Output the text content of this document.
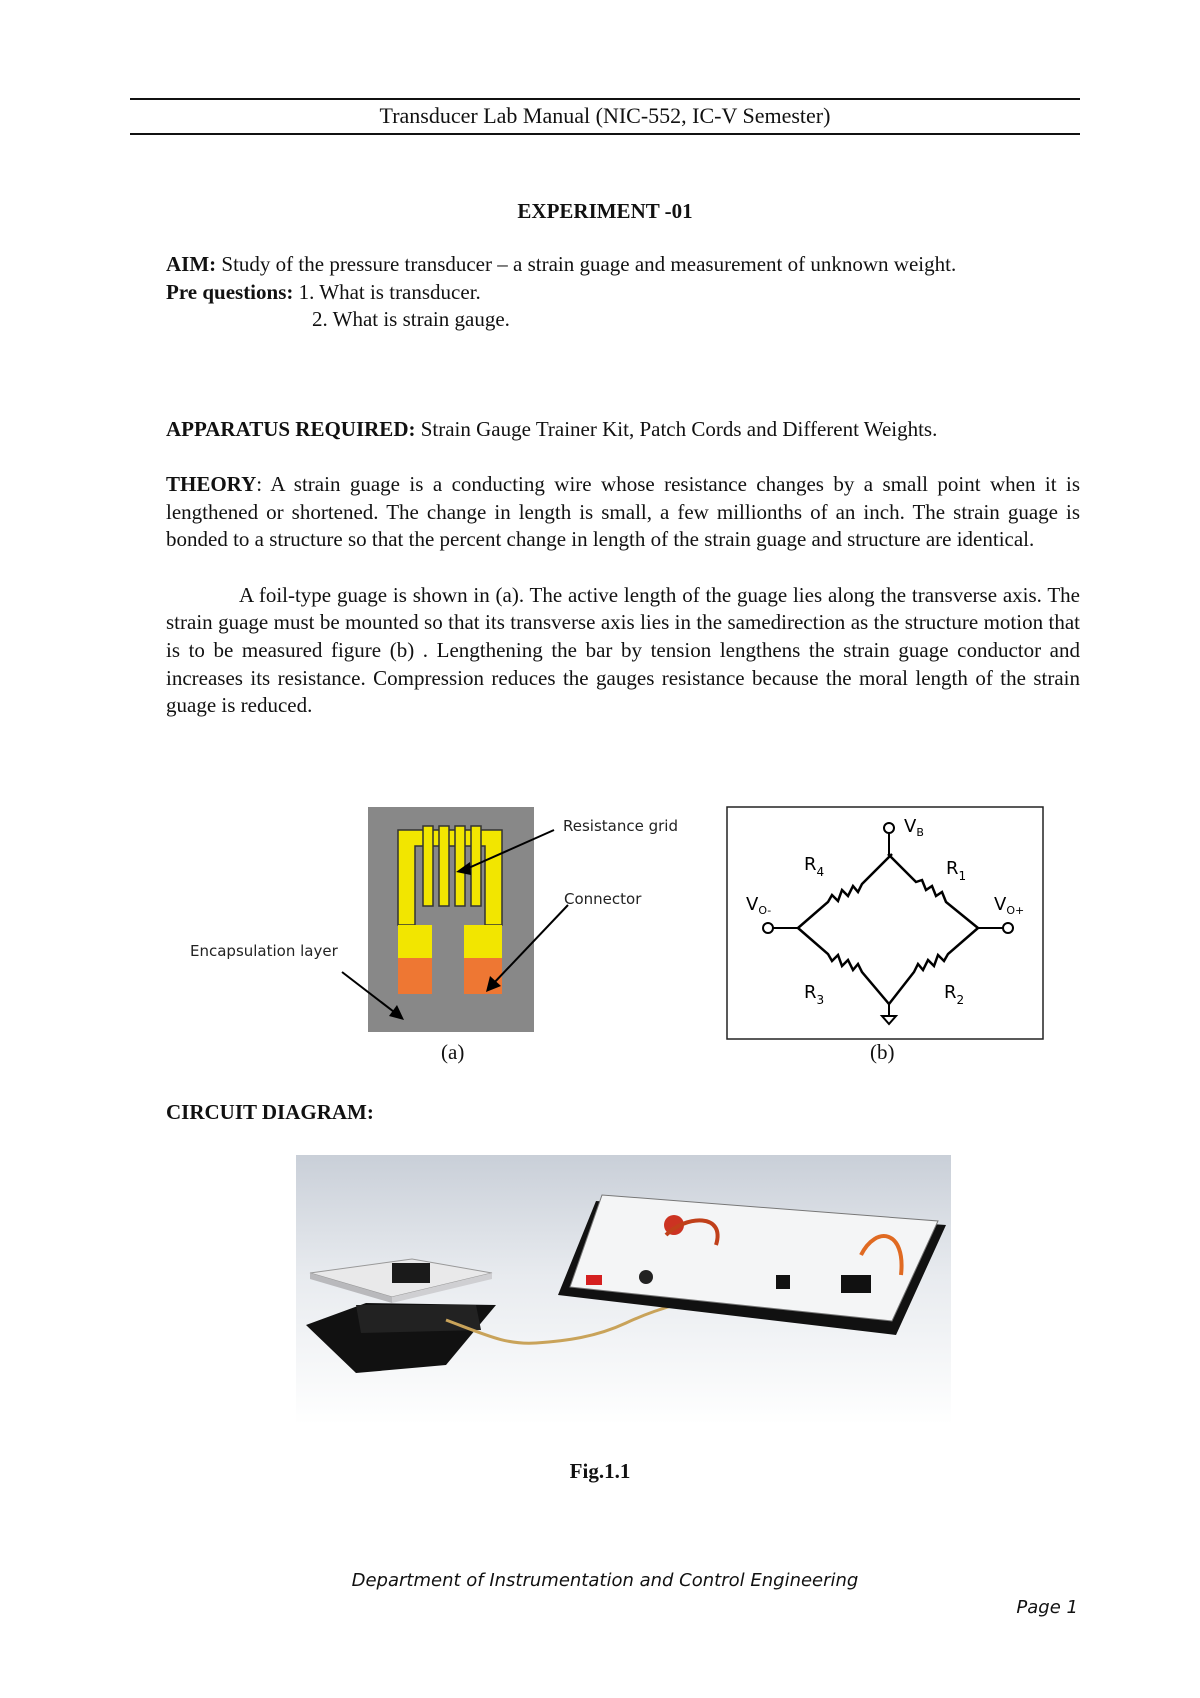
Transducer Lab Manual (NIC-552, IC-V Semester)
EXPERIMENT -01

AIM: Study of the pressure transducer – a strain guage and measurement of unknown weight.

Pre questions: 1. What is transducer.

2. What is strain gauge.

APPARATUS REQUIRED: Strain Gauge Trainer Kit, Patch Cords and Different Weights.

THEORY: A strain guage is a conducting wire whose resistance changes by a small point when it is lengthened or shortened. The change in length is small, a few millionths of an inch. The strain guage is bonded to a structure so that the percent change in length of the strain guage and structure are identical.

A foil-type guage is shown in (a). The active length of the guage lies along the transverse axis. The strain guage must be mounted so that its transverse axis lies in the samedirection as the structure motion that is to be measured figure (b) . Lengthening the bar by tension lengthens the strain guage conductor and increases its resistance. Compression reduces the gauges resistance because the moral length of the strain guage is reduced.

Resistance grid
Connector
Encapsulation layer
(a)
$V_B$
$V_{O-}$	$V_{O+}$
$R_4$	$R_1$
$R_3$	$R_2$
(b)

CIRCUIT DIAGRAM:

Fig.1.1
Department of Instrumentation and Control Engineering
Page 1
